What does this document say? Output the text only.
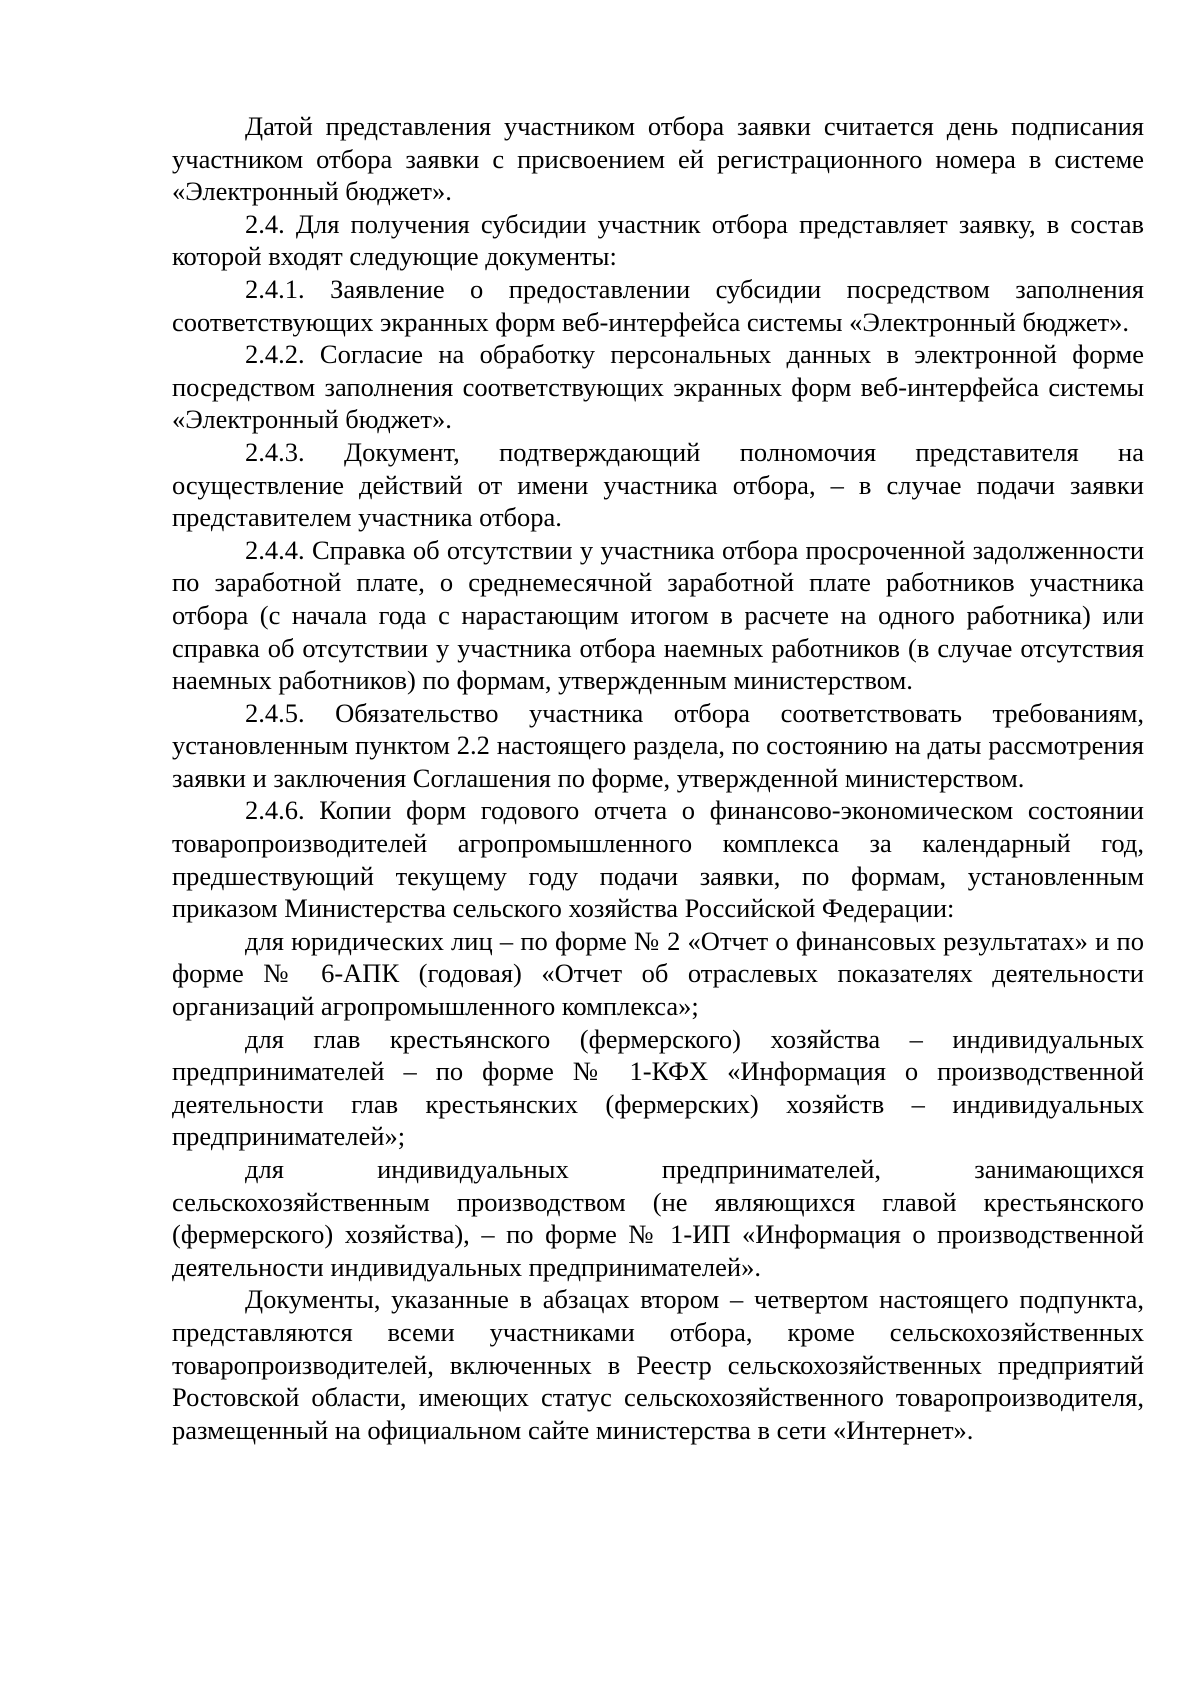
Датой представления участником отбора заявки считается день подписания участником отбора заявки с присвоением ей регистрационного номера в системе «Электронный бюджет».

2.4. Для получения субсидии участник отбора представляет заявку, в состав которой входят следующие документы:

2.4.1. Заявление о предоставлении субсидии посредством заполнения соответствующих экранных форм веб-интерфейса системы «Электронный бюджет».

2.4.2. Согласие на обработку персональных данных в электронной форме посредством заполнения соответствующих экранных форм веб-интерфейса системы «Электронный бюджет».

2.4.3. Документ, подтверждающий полномочия представителя на осуществление действий от имени участника отбора, – в случае подачи заявки представителем участника отбора.

2.4.4. Справка об отсутствии у участника отбора просроченной задолженности по заработной плате, о среднемесячной заработной плате работников участника отбора (с начала года с нарастающим итогом в расчете на одного работника) или справка об отсутствии у участника отбора наемных работников (в случае отсутствия наемных работников) по формам, утвержденным министерством.

2.4.5. Обязательство участника отбора соответствовать требованиям, установленным пунктом 2.2 настоящего раздела, по состоянию на даты рассмотрения заявки и заключения Соглашения по форме, утвержденной министерством.

2.4.6. Копии форм годового отчета о финансово-экономическом состоянии товаропроизводителей агропромышленного комплекса за календарный год, предшествующий текущему году подачи заявки, по формам, установленным приказом Министерства сельского хозяйства Российской Федерации:

для юридических лиц – по форме № 2 «Отчет о финансовых результатах» и по форме № 6-АПК (годовая) «Отчет об отраслевых показателях деятельности организаций агропромышленного комплекса»;

для глав крестьянского (фермерского) хозяйства – индивидуальных предпринимателей – по форме № 1-КФХ «Информация о производственной деятельности глав крестьянских (фермерских) хозяйств – индивидуальных предпринимателей»;

для индивидуальных предпринимателей, занимающихся сельскохозяйственным производством (не являющихся главой крестьянского (фермерского) хозяйства), – по форме № 1-ИП «Информация о производственной деятельности индивидуальных предпринимателей».

Документы, указанные в абзацах втором – четвертом настоящего подпункта, представляются всеми участниками отбора, кроме сельскохозяйственных товаропроизводителей, включенных в Реестр сельскохозяйственных предприятий Ростовской области, имеющих статус сельскохозяйственного товаропроизводителя, размещенный на официальном сайте министерства в сети «Интернет».
